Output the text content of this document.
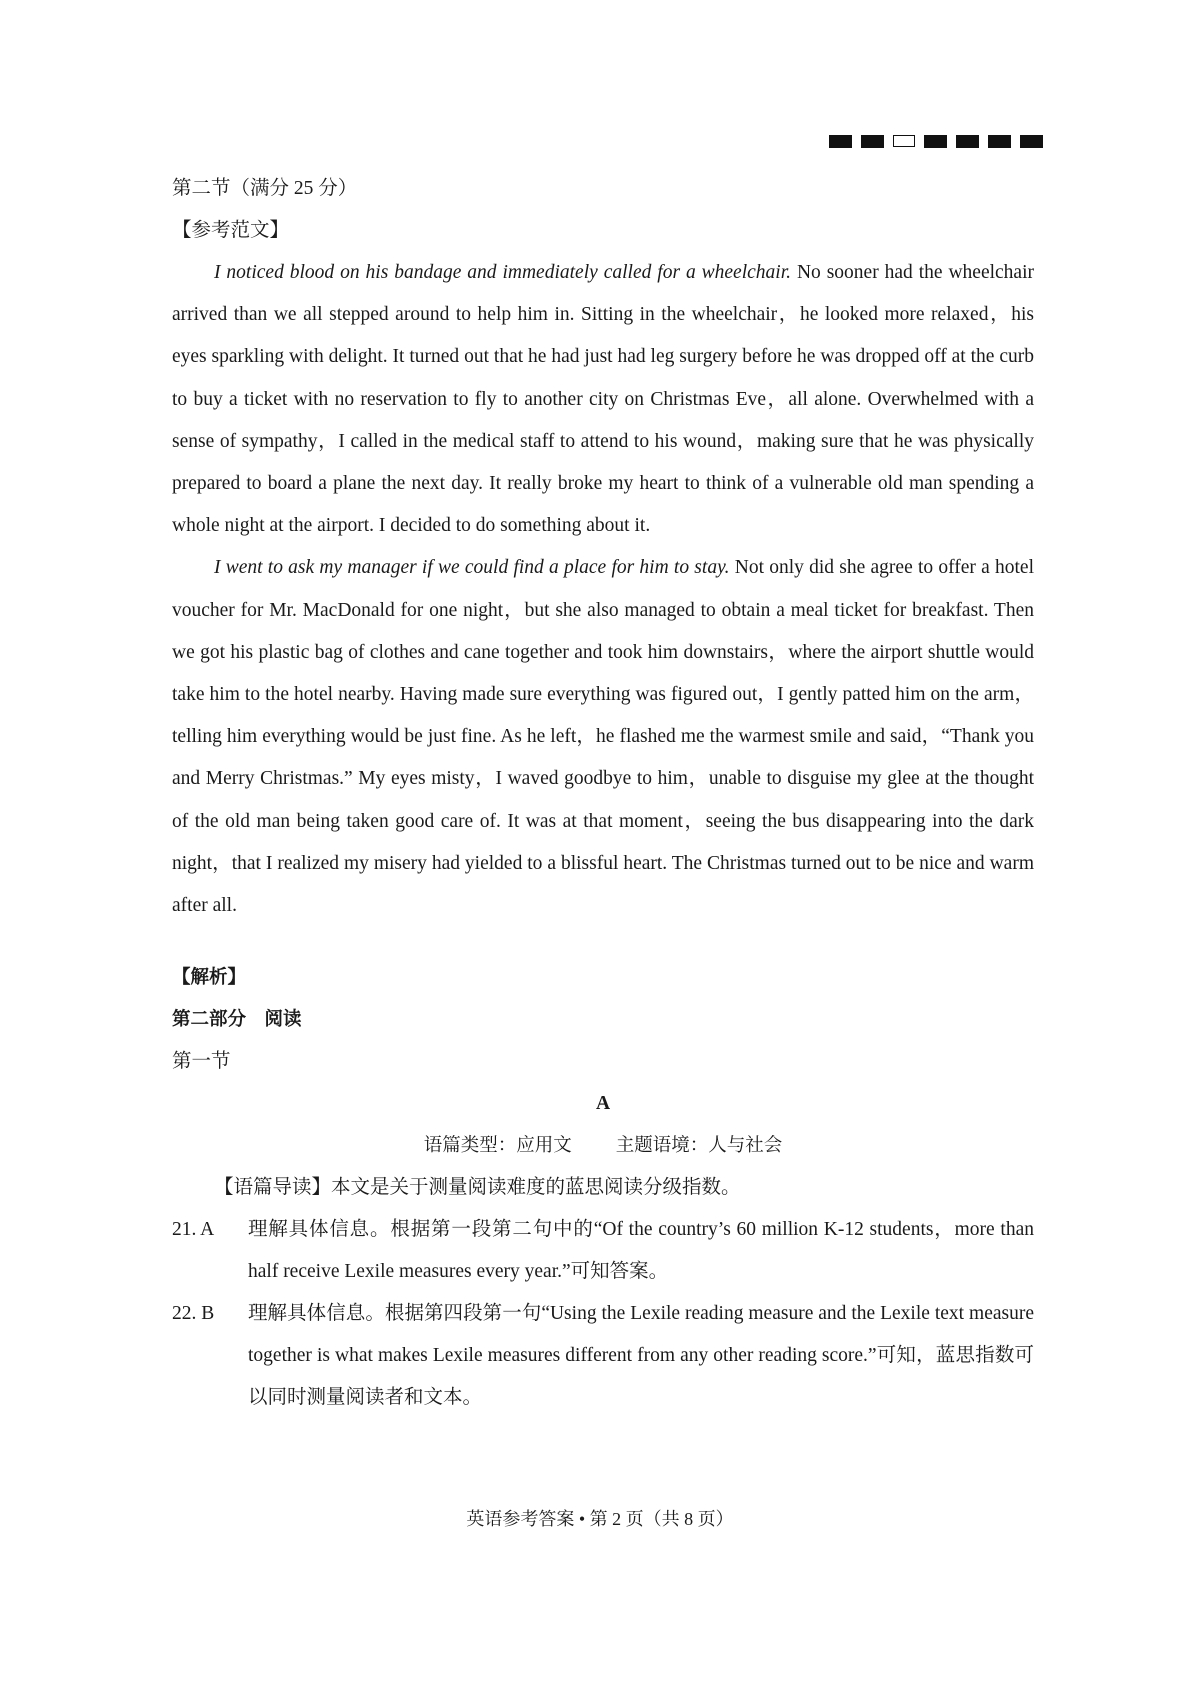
第二节（满分 25 分）
【参考范文】

I noticed blood on his bandage and immediately called for a wheelchair. No sooner had the wheelchair arrived than we all stepped around to help him in. Sitting in the wheelchair，he looked more relaxed，his eyes sparkling with delight. It turned out that he had just had leg surgery before he was dropped off at the curb to buy a ticket with no reservation to fly to another city on Christmas Eve，all alone. Overwhelmed with a sense of sympathy，I called in the medical staff to attend to his wound，making sure that he was physically prepared to board a plane the next day. It really broke my heart to think of a vulnerable old man spending a whole night at the airport. I decided to do something about it.

I went to ask my manager if we could find a place for him to stay. Not only did she agree to offer a hotel voucher for Mr. MacDonald for one night，but she also managed to obtain a meal ticket for breakfast. Then we got his plastic bag of clothes and cane together and took him downstairs，where the airport shuttle would take him to the hotel nearby. Having made sure everything was figured out，I gently patted him on the arm，telling him everything would be just fine. As he left，he flashed me the warmest smile and said，“Thank you and Merry Christmas.” My eyes misty，I waved goodbye to him，unable to disguise my glee at the thought of the old man being taken good care of. It was at that moment，seeing the bus disappearing into the dark night，that I realized my misery had yielded to a blissful heart. The Christmas turned out to be nice and warm after all.

【解析】
第二部分　阅读
第一节
A
语篇类型：应用文 主题语境：人与社会
【语篇导读】本文是关于测量阅读难度的蓝思阅读分级指数。
21. A	理解具体信息。根据第一段第二句中的“Of the country’s 60 million K-12 students，more than half receive Lexile measures every year.”可知答案。
22. B	理解具体信息。根据第四段第一句“Using the Lexile reading measure and the Lexile text measure together is what makes Lexile measures different from any other reading score.”可知，蓝思指数可以同时测量阅读者和文本。
英语参考答案 • 第 2 页（共 8 页）
